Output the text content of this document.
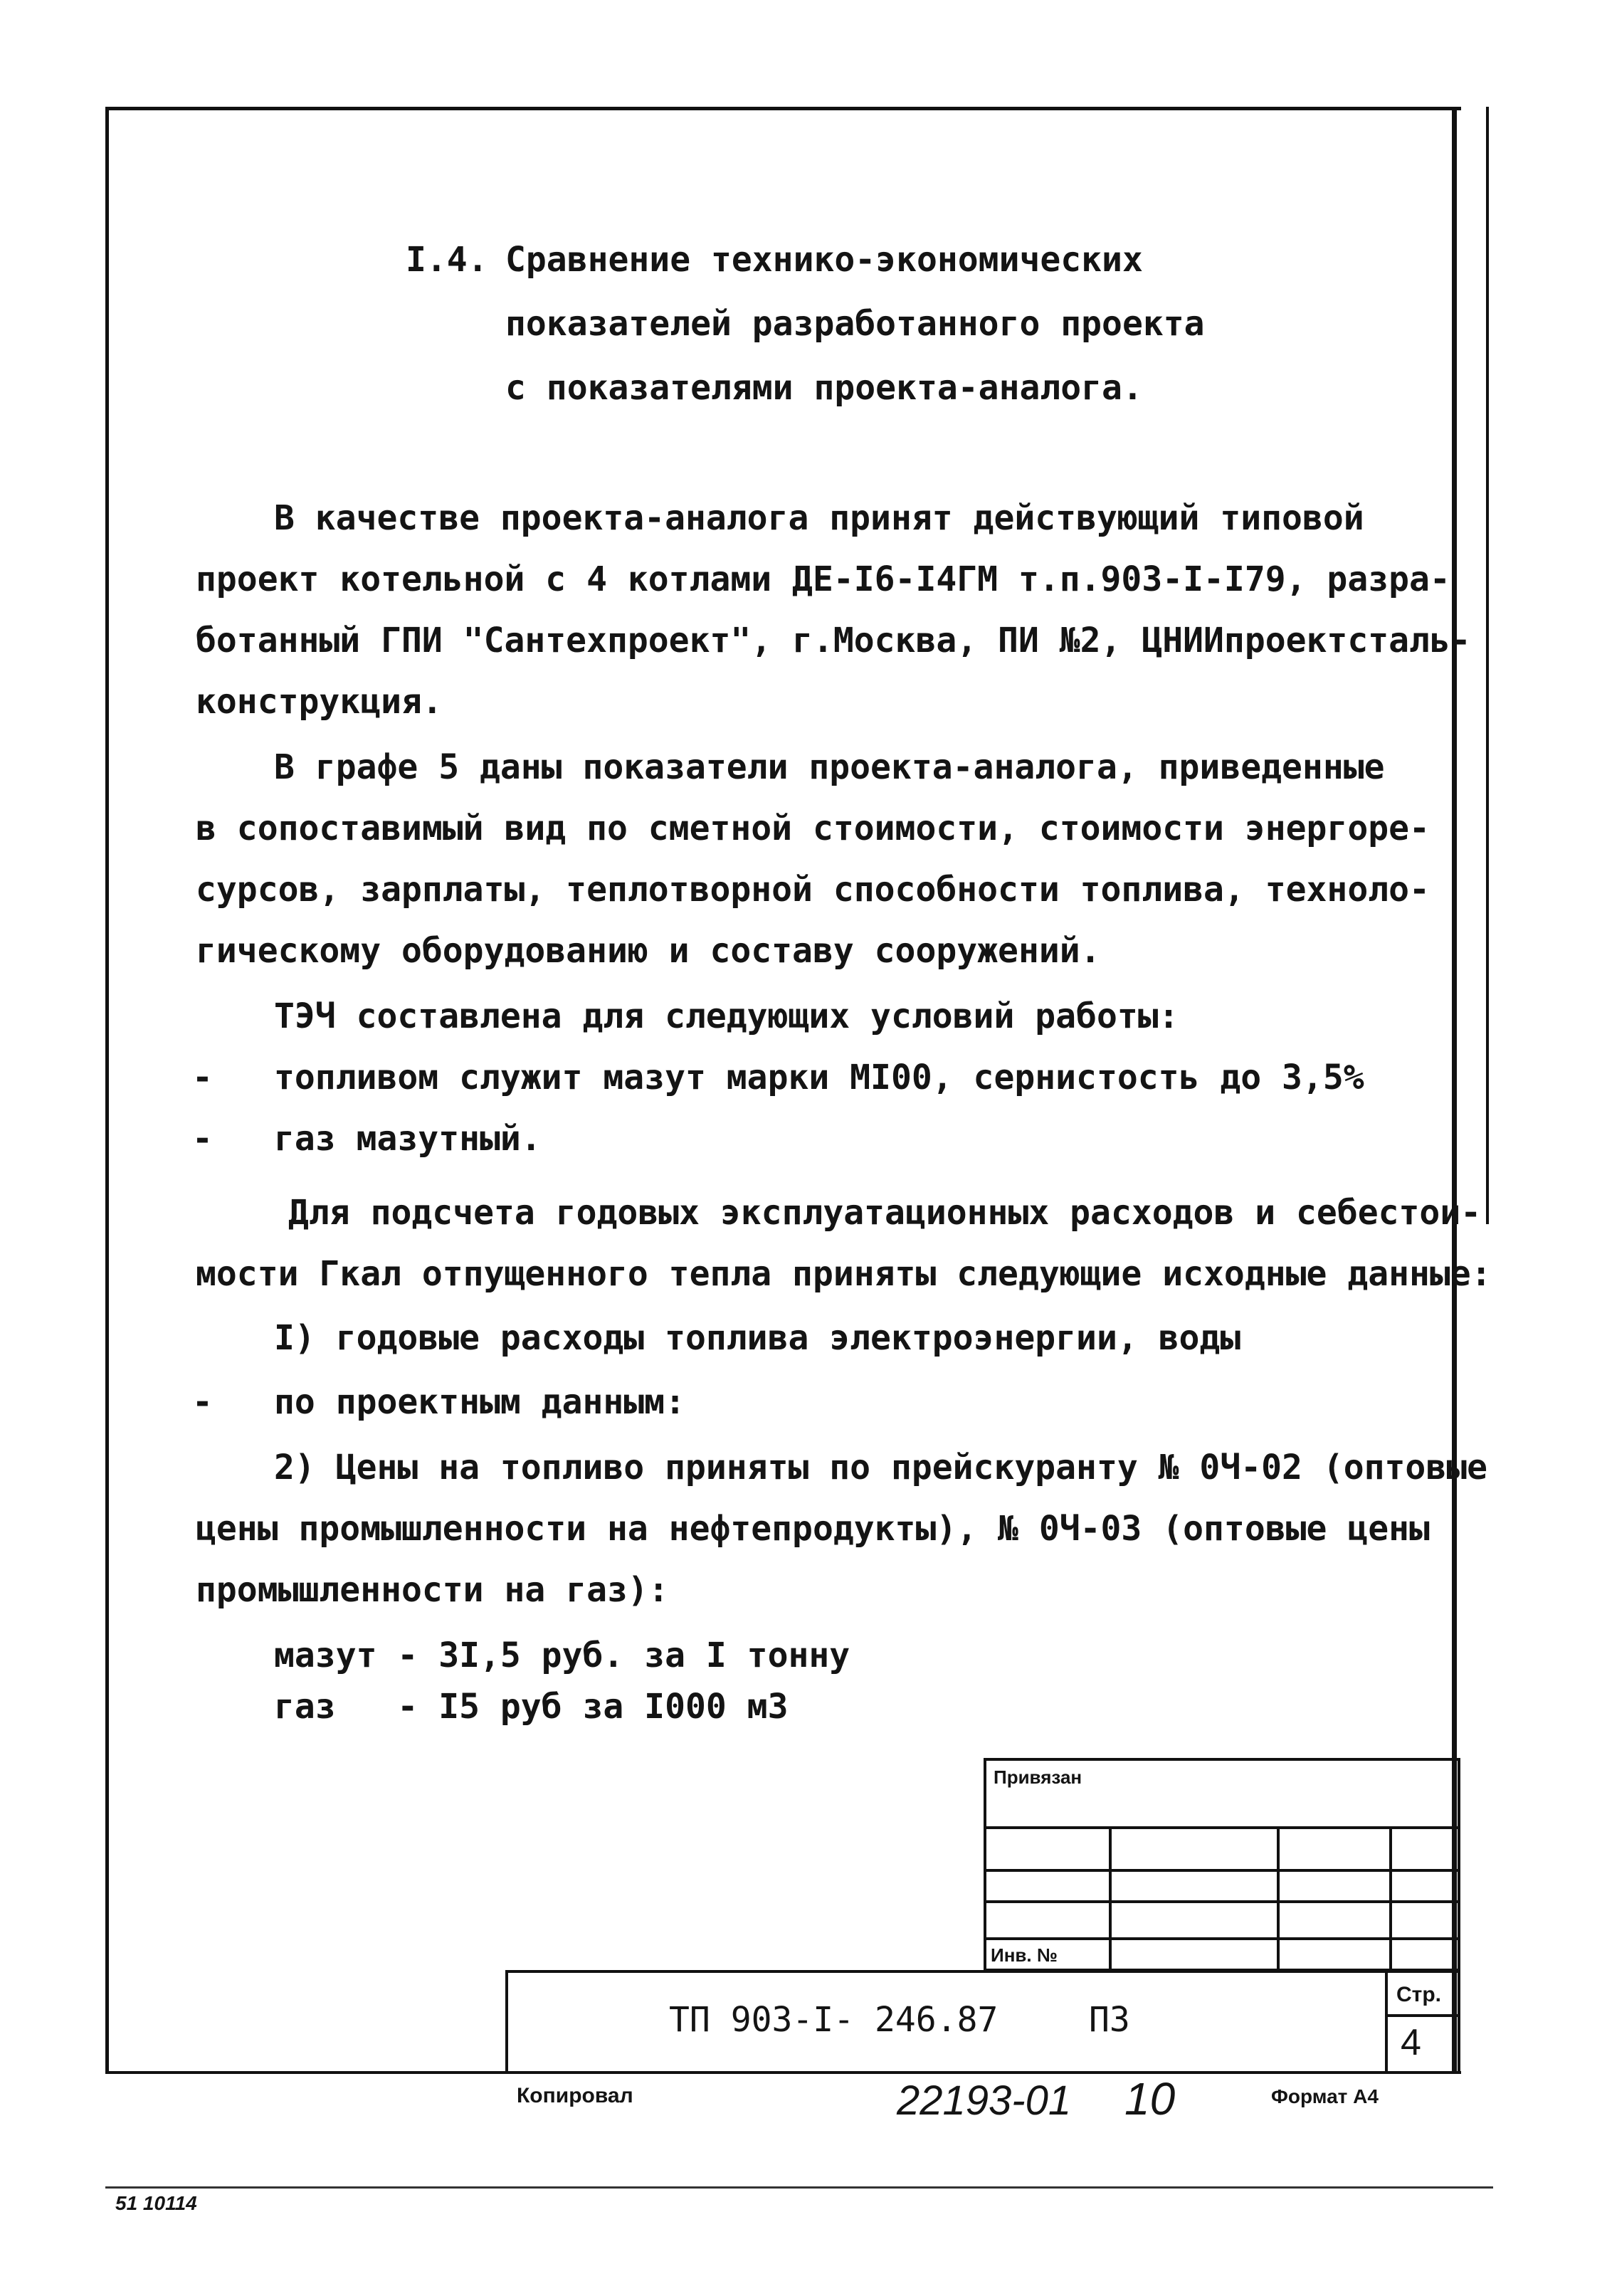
I.4. Сравнение технико-экономических
показателей разработанного проекта
с показателями проекта-аналога.
В качестве проекта-аналога принят действующий типовой
проект котельной с 4 котлами ДЕ-I6-I4ГМ т.п.903-I-I79, разра-
ботанный ГПИ "Сантехпроект", г.Москва, ПИ №2, ЦНИИпроектсталь-
конструкция.
В графе 5 даны показатели проекта-аналога, приведенные
в сопоставимый вид по сметной стоимости, стоимости энергоре-
сурсов, зарплаты, теплотворной способности топлива, техноло-
гическому оборудованию и составу сооружений.
ТЭЧ составлена для следующих условий работы:
- топливом служит мазут марки МI00, сернистость до 3,5%
- газ мазутный.
Для подсчета годовых эксплуатационных расходов и себестои-
мости Гкал отпущенного тепла приняты следующие исходные данные:
I) годовые расходы топлива электроэнергии, воды
- по проектным данным:
2) Цены на топливо приняты по прейскуранту № 0Ч-02 (оптовые
цены промышленности на нефтепродукты), № 0Ч-03 (оптовые цены
промышленности на газ):
мазут - 3I,5 руб. за I тонну
газ   - I5 руб за I000 м3
Привязан
Инв. №
ТП 903-I- 246.87	ПЗ
Стр.
4
Копировал	22193-01 10	Формат А4
51 10114
